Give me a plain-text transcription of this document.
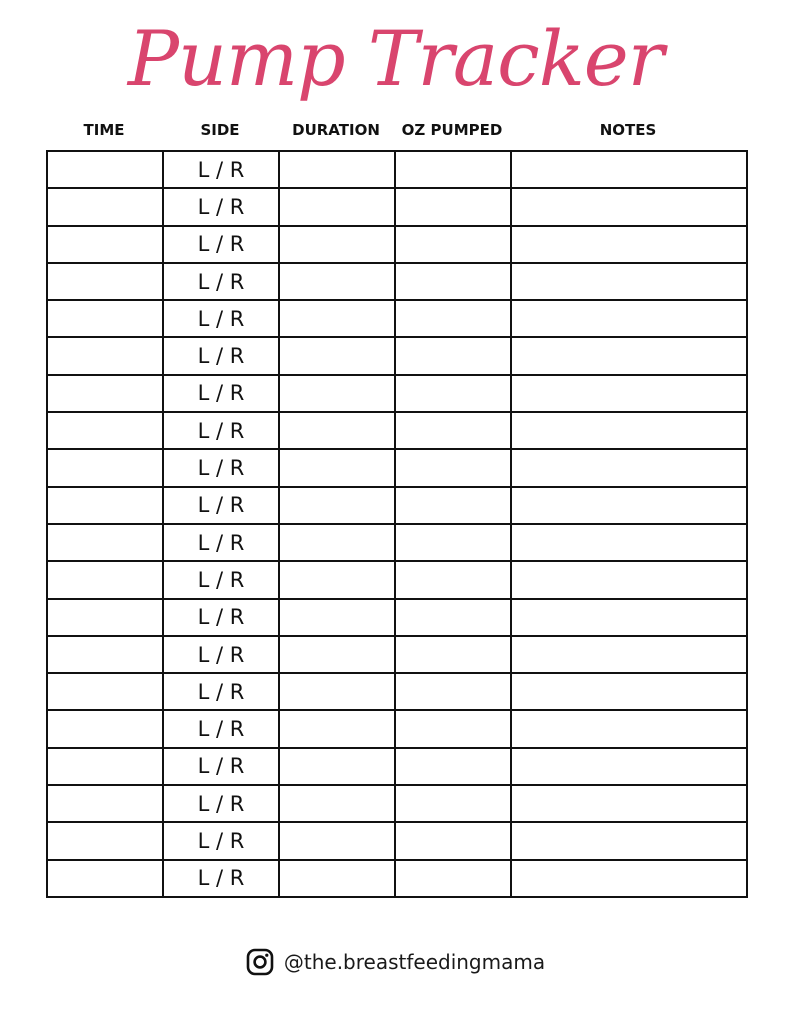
Pump Tracker
TIME	SIDE	DURATION	OZ PUMPED	NOTES
	L / R			
	L / R			
	L / R			
	L / R			
	L / R			
	L / R			
	L / R			
	L / R			
	L / R			
	L / R			
	L / R			
	L / R			
	L / R			
	L / R			
	L / R			
	L / R			
	L / R			
	L / R			
	L / R			
	L / R			
@the.breastfeedingmama
